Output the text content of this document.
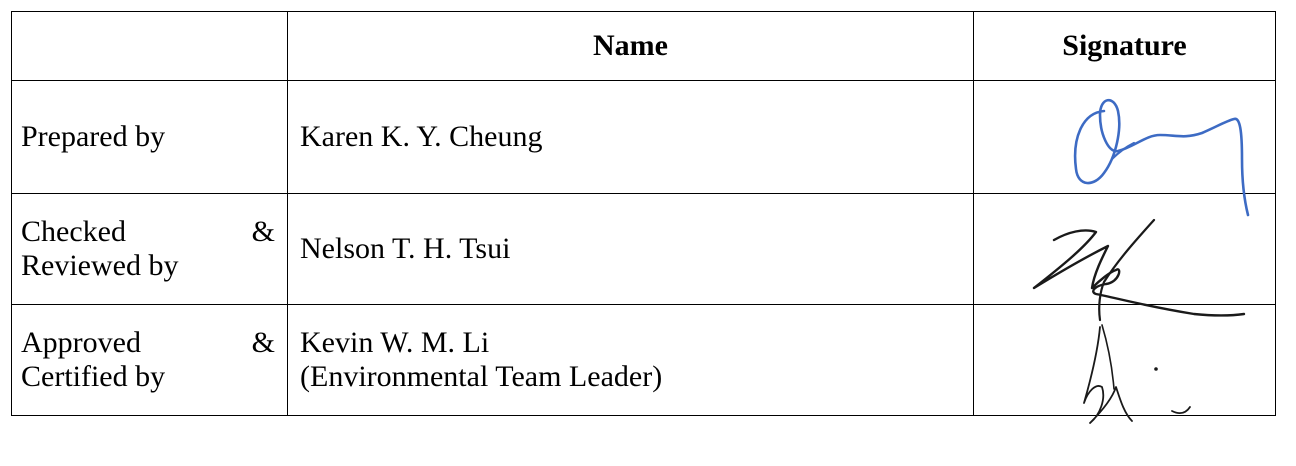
	Name	Signature

Prepared by	Karen K. Y. Cheung

Checked &
Reviewed by	Nelson T. H. Tsui

Approved &
Certified by	Kevin W. M. Li
(Environmental Team Leader)
